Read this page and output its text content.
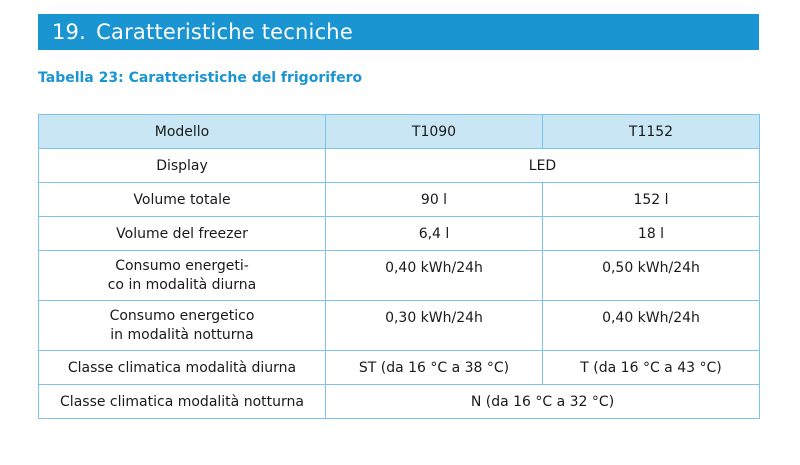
19.
Caratteristiche tecniche
Tabella 23: Caratteristiche del frigorifero
Modello	T1090	T1152
Display	LED	
Volume totale	90 l	152 l
Volume del freezer	6,4 l	18 l
Consumo energeti-
co in modalità diurna	0,40 kWh/24h	0,50 kWh/24h
Consumo energetico
in modalità notturna	0,30 kWh/24h	0,40 kWh/24h
Classe climatica modalità diurna	ST (da 16 °C a 38 °C)	T (da 16 °C a 43 °C)
Classe climatica modalità notturna	N (da 16 °C a 32 °C)	
